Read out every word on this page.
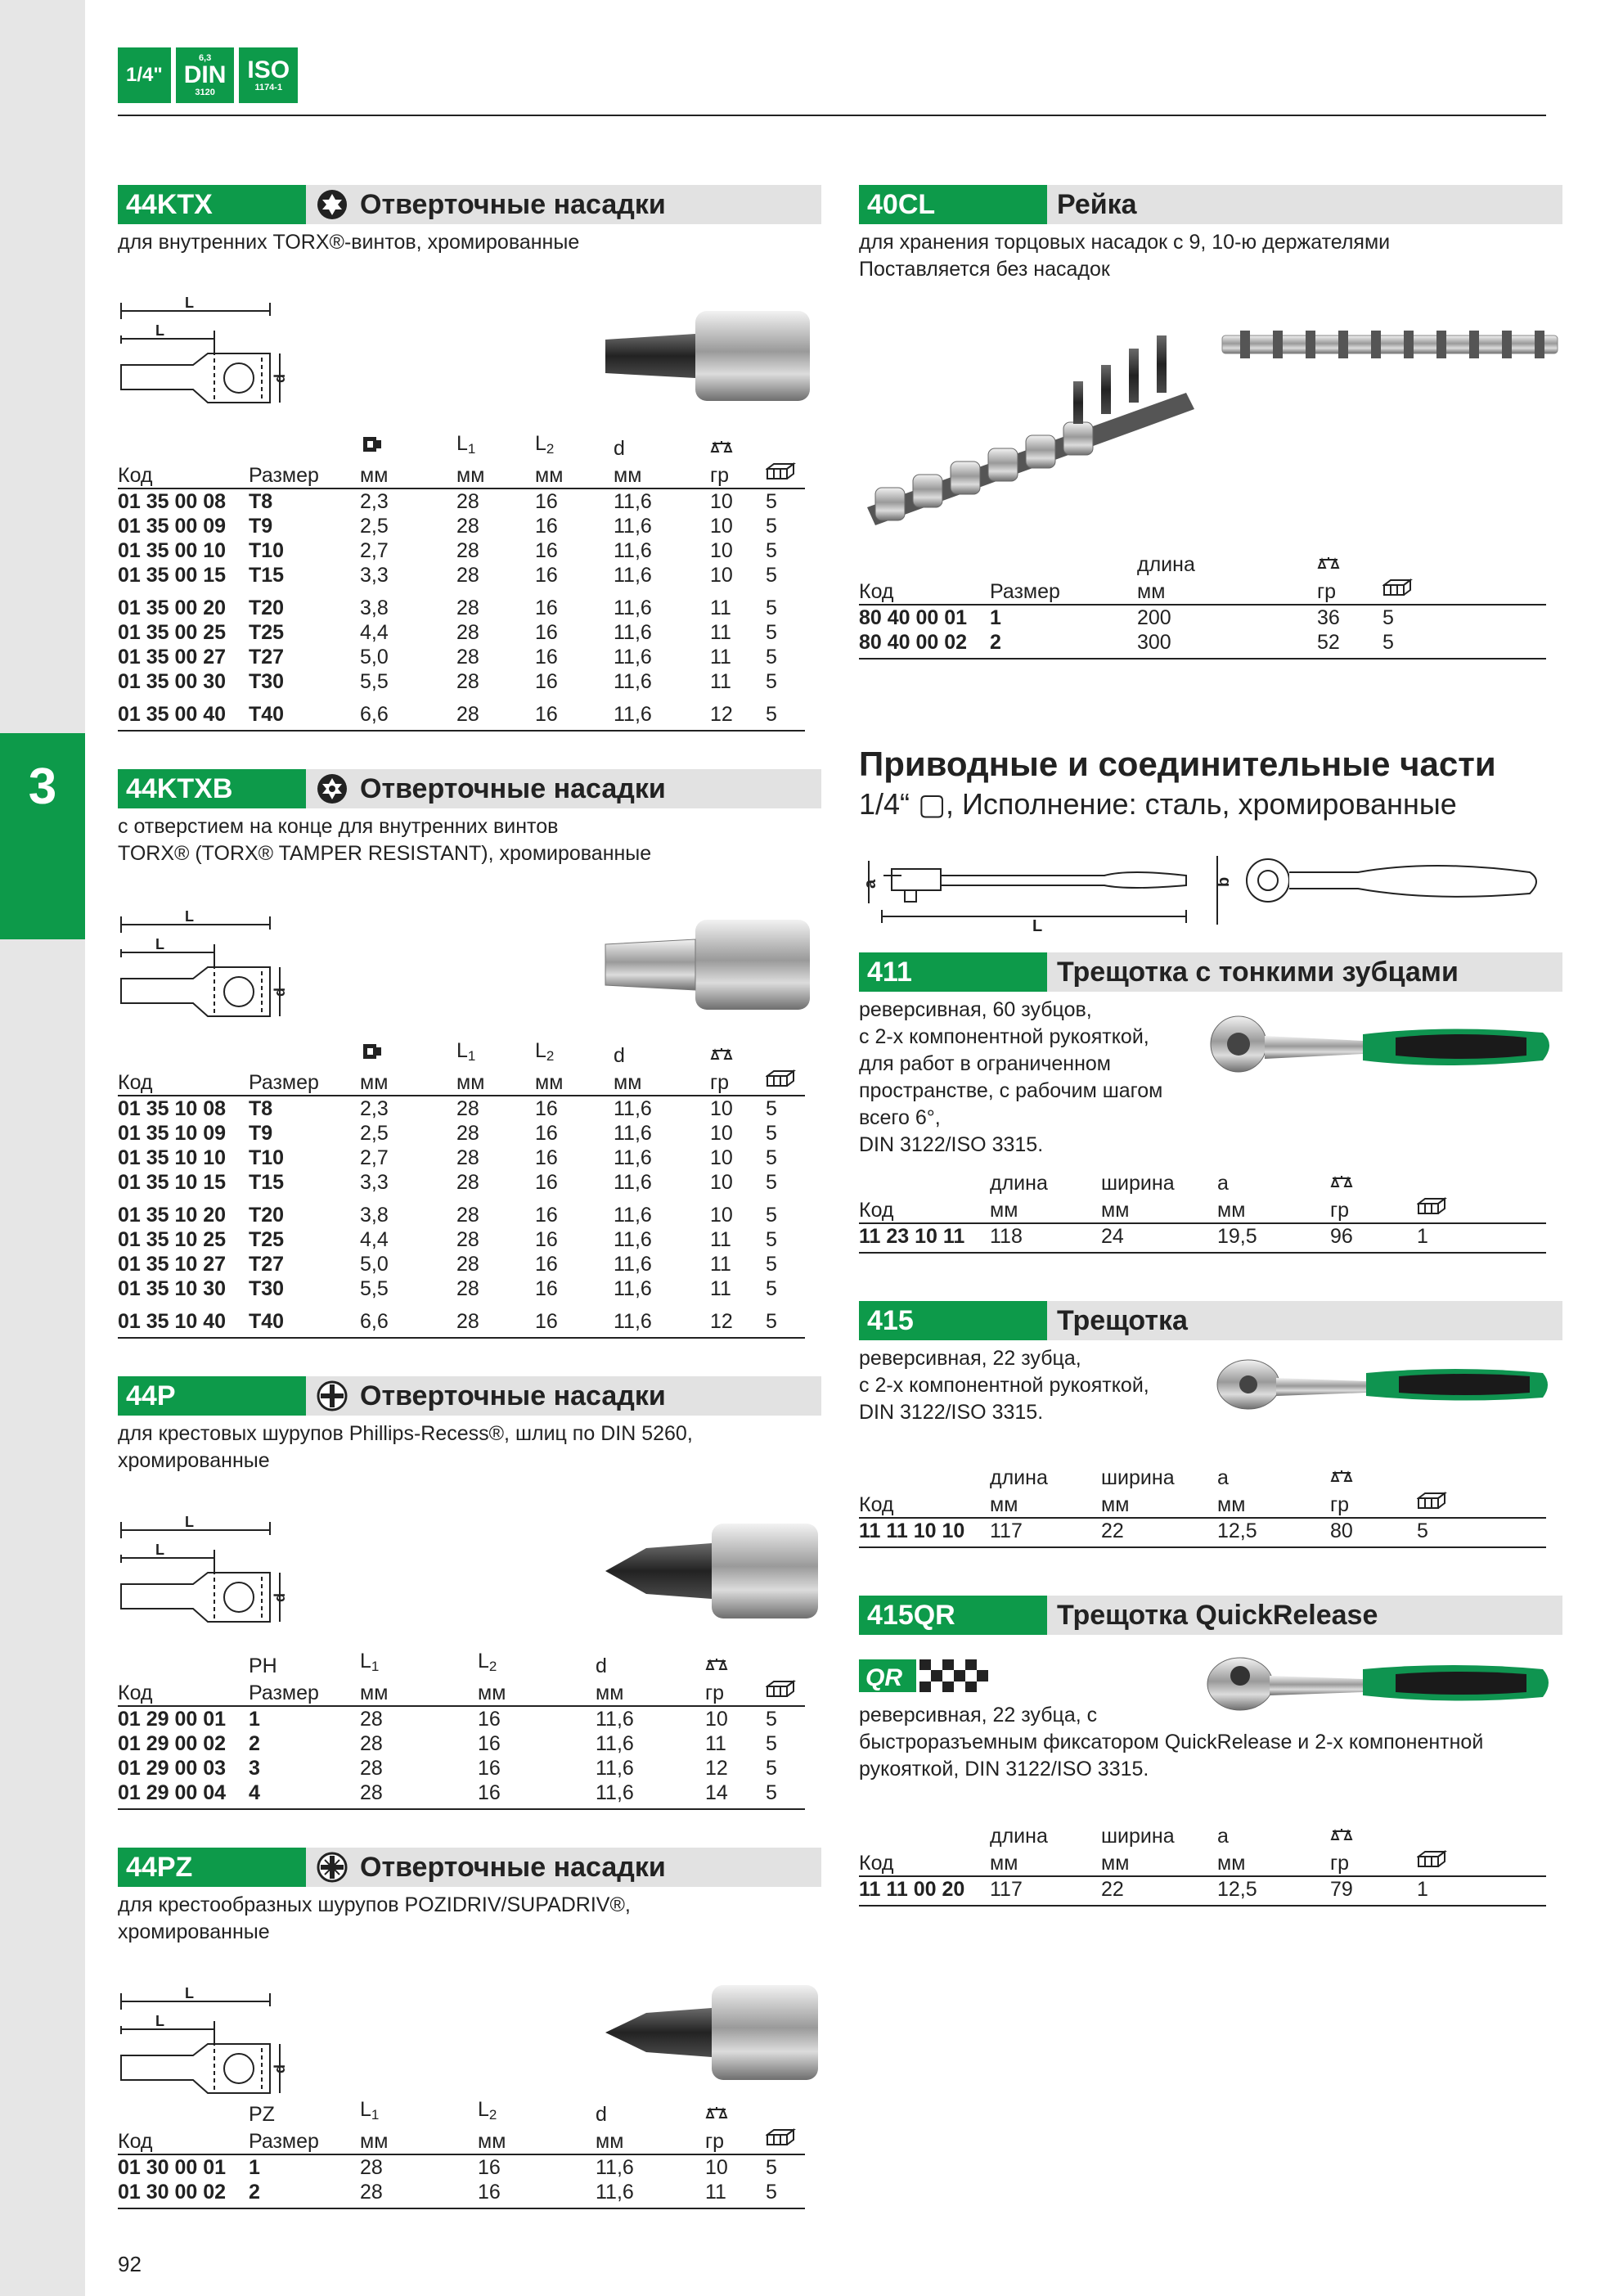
3
1/4"
6,3
DIN
3120
ISO
1174-1
44KTX	Отверточные насадки
для внутренних TORX®-винтов, хромированные
L
L
d
			$L_1$	$L_2$	d		
Код	Размер	мм	мм	мм	мм	гр	
01 35 00 08	T8	2,3	28	16	11,6	10	5
01 35 00 09	T9	2,5	28	16	11,6	10	5
01 35 00 10	T10	2,7	28	16	11,6	10	5
01 35 00 15	T15	3,3	28	16	11,6	10	5
01 35 00 20	T20	3,8	28	16	11,6	11	5
01 35 00 25	T25	4,4	28	16	11,6	11	5
01 35 00 27	T27	5,0	28	16	11,6	11	5
01 35 00 30	T30	5,5	28	16	11,6	11	5
01 35 00 40	T40	6,6	28	16	11,6	12	5
44KTXB	Отверточные насадки
с отверстием на конце для внутренних винтов
TORX® (TORX® TAMPER RESISTANT), хромированные
L
L
d
			$L_1$	$L_2$	d		
Код	Размер	мм	мм	мм	мм	гр	
01 35 10 08	T8	2,3	28	16	11,6	10	5
01 35 10 09	T9	2,5	28	16	11,6	10	5
01 35 10 10	T10	2,7	28	16	11,6	10	5
01 35 10 15	T15	3,3	28	16	11,6	10	5
01 35 10 20	T20	3,8	28	16	11,6	10	5
01 35 10 25	T25	4,4	28	16	11,6	11	5
01 35 10 27	T27	5,0	28	16	11,6	11	5
01 35 10 30	T30	5,5	28	16	11,6	11	5
01 35 10 40	T40	6,6	28	16	11,6	12	5
44P	Отверточные насадки
для крестовых шурупов Phillips-Recess®, шлиц по DIN 5260,
хромированные
L
L
d
	PH	$L_1$	$L_2$	d		
Код	Размер	мм	мм	мм	гр	
01 29 00 01	1	28	16	11,6	10	5
01 29 00 02	2	28	16	11,6	11	5
01 29 00 03	3	28	16	11,6	12	5
01 29 00 04	4	28	16	11,6	14	5
44PZ	Отверточные насадки
для крестообразных шурупов POZIDRIV/SUPADRIV®,
хромированные
L
L
d
	PZ	$L_1$	$L_2$	d		
Код	Размер	мм	мм	мм	гр	
01 30 00 01	1	28	16	11,6	10	5
01 30 00 02	2	28	16	11,6	11	5
40CL	Рейка
для хранения торцовых насадок с 9, 10-ю держателями
Поставляется без насадок
		длина		
Код	Размер	мм	гр	
80 40 00 01	1	200	36	5
80 40 00 02	2	300	52	5
Приводные и соединительные части
1/4“ ▢, Исполнение: сталь, хромированные
a
L
b
411	Трещотка с тонкими зубцами
реверсивная, 60 зубцов,
с 2-х компонентной рукояткой,
для работ в ограниченном
пространстве, с рабочим шагом
всего 6°,
DIN 3122/ISO 3315.
	длина	ширина	a		
Код	мм	мм	мм	гр	
11 23 10 11	118	24	19,5	96	1
415	Трещотка
реверсивная, 22 зубца,
с 2-х компонентной рукояткой,
DIN 3122/ISO 3315.
	длина	ширина	a		
Код	мм	мм	мм	гр	
11 11 10 10	117	22	12,5	80	5
415QR	Трещотка QuickRelease
QR
реверсивная, 22 зубца, с
быстроразъемным фиксатором QuickRelease и 2-х компонентной
рукояткой, DIN 3122/ISO 3315.
	длина	ширина	a		
Код	мм	мм	мм	гр	
11 11 00 20	117	22	12,5	79	1
92
